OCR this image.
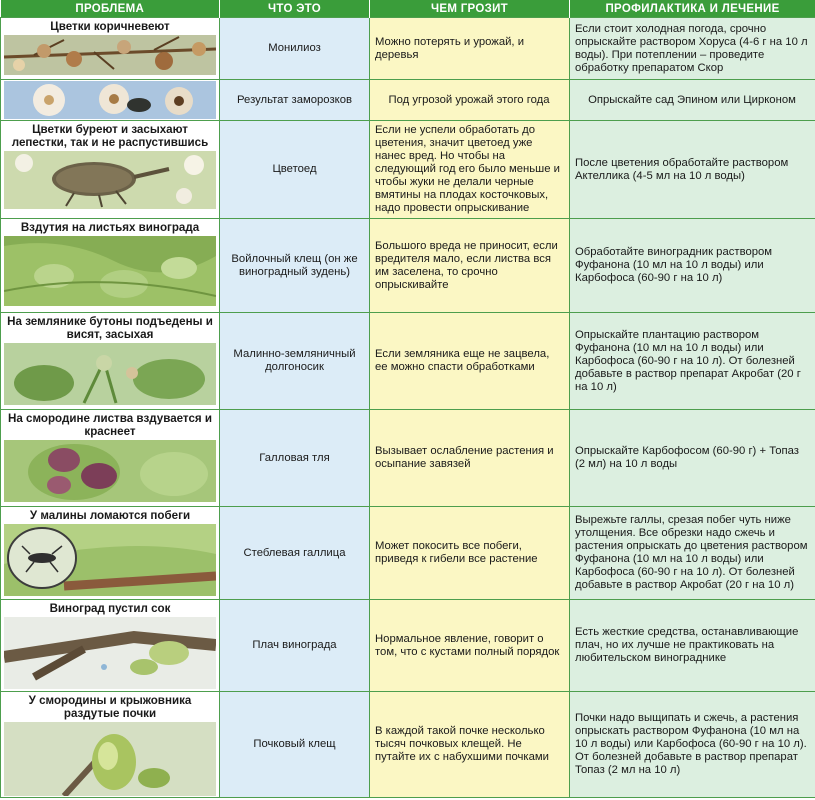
ПРОБЛЕМА	ЧТО ЭТО	ЧЕМ ГРОЗИТ	ПРОФИЛАКТИКА И ЛЕЧЕНИЕ

Цветки коричневеют	Монилиоз	Можно потерять и урожай, и деревья	Если стоит холодная погода, срочно опрыскайте раствором Хоруса (4-6 г на 10 л воды). При потеплении – проведите обработку препаратом Скор

	Результат заморозков	Под угрозой урожай этого года	Опрыскайте сад Эпином или Цирконом

Цветки буреют и засыхают лепестки, так и не распустившись	Цветоед	Если не успели обработать до цветения, значит цветоед уже нанес вред. Но чтобы на следующий год его было меньше и чтобы жуки не делали черные вмятины на плодах косточковых, надо провести опрыскивание	После цветения обработайте раствором Актеллика (4-5 мл на 10 л воды)

Вздутия на листьях винограда	Войлочный клещ (он же виноградный зудень)	Большого вреда не приносит, если вредителя мало, если листва вся им заселена, то срочно опрыскивайте	Обработайте виноградник раствором Фуфанона (10 мл на 10 л воды) или Карбофоса (60-90 г на 10 л)

На землянике бутоны подъедены и висят, засыхая	Малинно-земляничный долгоносик	Если земляника еще не зацвела, ее можно спасти обработками	Опрыскайте плантацию раствором Фуфанона (10 мл на 10 л воды) или Карбофоса (60-90 г на 10 л). От болезней добавьте в раствор препарат Акробат (20 г на 10 л)

На смородине листва вздувается и краснеет	Галловая тля	Вызывает ослабление растения и осыпание завязей	Опрыскайте Карбофосом (60-90 г) + Топаз (2 мл) на 10 л воды

У малины ломаются побеги	Стеблевая галлица	Может покосить все побеги, приведя к гибели все растение	Вырежьте галлы, срезая побег чуть ниже утолщения. Все обрезки надо сжечь и растения опрыскать до цветения раствором Фуфанона (10 мл на 10 л воды) или Карбофоса (60-90 г на 10 л). От болезней добавьте в раствор Акробат (20 г на 10 л)

Виноград пустил сок	Плач винограда	Нормальное явление, говорит о том, что с кустами полный порядок	Есть жесткие средства, останавливающие плач, но их лучше не практиковать на любительском винограднике

У смородины и крыжовника раздутые почки	Почковый клещ	В каждой такой почке несколько тысяч почковых клещей. Не путайте их с набухшими почками	Почки надо выщипать и сжечь, а растения опрыскать раствором Фуфанона (10 мл на 10 л воды) или Карбофоса (60-90 г на 10 л). От болезней добавьте в раствор препарат Топаз (2 мл на 10 л)
